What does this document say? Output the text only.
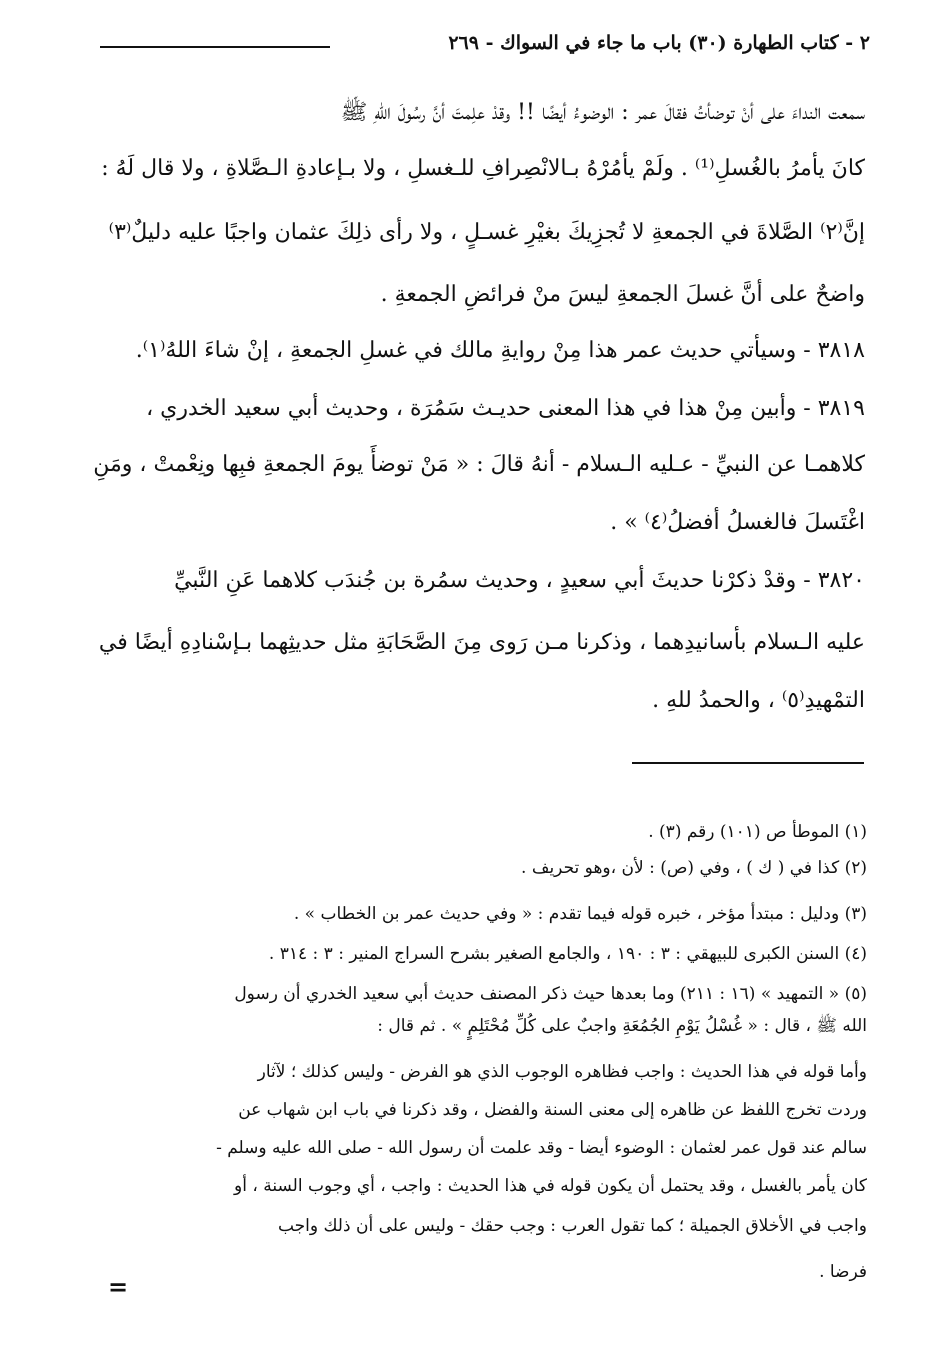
٢ - كتاب الطهارة (٣٠) باب ما جاء في السواك - ٢٦٩
سمعت النداءَ على أنْ توضأتُ فقالَ عمر : الوضوءُ أيضًا !! وقدْ علِمتَ أنَّ رسُولَ اللهِ ﷺ
كانَ يأمرُ بالغُسلِ⁽¹⁾ . ولَمْ يأمُرْهُ بـالانْصِرافِ للـغسلِ ، ولا بـإعادةِ الـصَّلاةِ ، ولا قال لَهُ :
إنَّ⁽٢⁾ الصَّلاةَ في الجمعةِ لا تُجزِيكَ بغيْرِ غسـلٍ ، ولا رأى ذلِكَ عثمان واجبًا عليه دليلٌ⁽٣⁾
واضحٌ على أنَّ غسلَ الجمعةِ ليسَ منْ فرائضِ الجمعةِ .
٣٨١٨ - وسيأتي حديث عمر هذا مِنْ روايةِ مالك في غسلِ الجمعةِ ، إنْ شاءَ اللهُ⁽١⁾.
٣٨١٩ - وأبين مِنْ هذا في هذا المعنى حديـث سَمُرَة ، وحديث أبي سعيد الخدري ،
كلاهمـا عن النبيِّ - عـليه الـسلام - أنهُ قالَ : « مَنْ توضأَ يومَ الجمعةِ فبِها ونِعْمتْ ، ومَنِ
اغْتَسلَ فالغسلُ أفضلُ⁽٤⁾ » .
٣٨٢٠ - وقدْ ذكرْنا حديثَ أبي سعيدٍ ، وحديث سمُرة بن جُندَب كلاهما عَنِ النَّبيِّ
عليه الـسلام بأسانيدِهما ، وذكرنا مـن رَوى مِنَ الصَّحَابَةِ مثل حديثِهما بـإسْنادِهِ أيضًا في
التمْهيدِ⁽٥⁾ ، والحمدُ للهِ .
(١) الموطأ ص (١٠١) رقم (٣) .
(٢) كذا في ( ك ) ، وفي (ص) : لأن ،وهو تحريف .
(٣) ودليل : مبتدأ مؤخر ، خبره قوله فيما تقدم : « وفي حديث عمر بن الخطاب » .
(٤) السنن الكبرى للبيهقي : ٣ : ١٩٠ ، والجامع الصغير بشرح السراج المنير : ٣ : ٣١٤ .
(٥) « التمهيد » (١٦ : ٢١١) وما بعدها حيث ذكر المصنف حديث أبي سعيد الخدري أن رسول
الله ﷺ ، قال : « غُسْلُ يَوْمِ الجُمُعَةِ واجبٌ على كُلِّ مُحْتَلِمٍ » . ثم قال :
وأما قوله في هذا الحديث : واجب فظاهره الوجوب الذي هو الفرض - وليس كذلك ؛ لآثار
وردت تخرج اللفظ عن ظاهره إلى معنى السنة والفضل ، وقد ذكرنا في باب ابن شهاب عن
سالم عند قول عمر لعثمان : الوضوء أيضا - وقد علمت أن رسول الله - صلى الله عليه وسلم -
كان يأمر بالغسل ، وقد يحتمل أن يكون قوله في هذا الحديث : واجب ، أي وجوب السنة ، أو
واجب في الأخلاق الجميلة ؛ كما تقول العرب : وجب حقك - وليس على أن ذلك واجب
فرضا .
=
